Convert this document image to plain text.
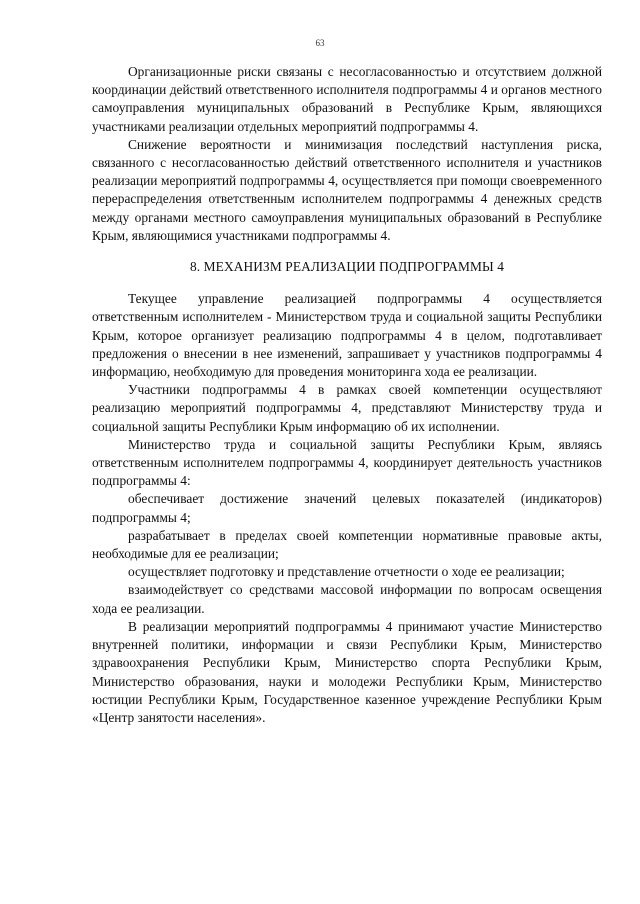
63

Организационные риски связаны с несогласованностью и отсутствием должной координации действий ответственного исполнителя подпрограммы 4 и органов местного самоуправления муниципальных образований в Республике Крым, являющихся участниками реализации отдельных мероприятий подпрограммы 4.

Снижение вероятности и минимизация последствий наступления риска, связанного с несогласованностью действий ответственного исполнителя и участников реализации мероприятий подпрограммы 4, осуществляется при помощи своевременного перераспределения ответственным исполнителем подпрограммы 4 денежных средств между органами местного самоуправления муниципальных образований в Республике Крым, являющимися участниками подпрограммы 4.

8. МЕХАНИЗМ РЕАЛИЗАЦИИ ПОДПРОГРАММЫ 4

Текущее управление реализацией подпрограммы 4 осуществляется ответственным исполнителем - Министерством труда и социальной защиты Республики Крым, которое организует реализацию подпрограммы 4 в целом, подготавливает предложения о внесении в нее изменений, запрашивает у участников подпрограммы 4 информацию, необходимую для проведения мониторинга хода ее реализации.

Участники подпрограммы 4 в рамках своей компетенции осуществляют реализацию мероприятий подпрограммы 4, представляют Министерству труда и социальной защиты Республики Крым информацию об их исполнении.

Министерство труда и социальной защиты Республики Крым, являясь ответственным исполнителем подпрограммы 4, координирует деятельность участников подпрограммы 4:

обеспечивает достижение значений целевых показателей (индикаторов) подпрограммы 4;

разрабатывает в пределах своей компетенции нормативные правовые акты, необходимые для ее реализации;

осуществляет подготовку и представление отчетности о ходе ее реализации;

взаимодействует со средствами массовой информации по вопросам освещения хода ее реализации.

В реализации мероприятий подпрограммы 4 принимают участие Министерство внутренней политики, информации и связи Республики Крым, Министерство здравоохранения Республики Крым, Министерство спорта Республики Крым, Министерство образования, науки и молодежи Республики Крым, Министерство юстиции Республики Крым, Государственное казенное учреждение Республики Крым «Центр занятости населения».
